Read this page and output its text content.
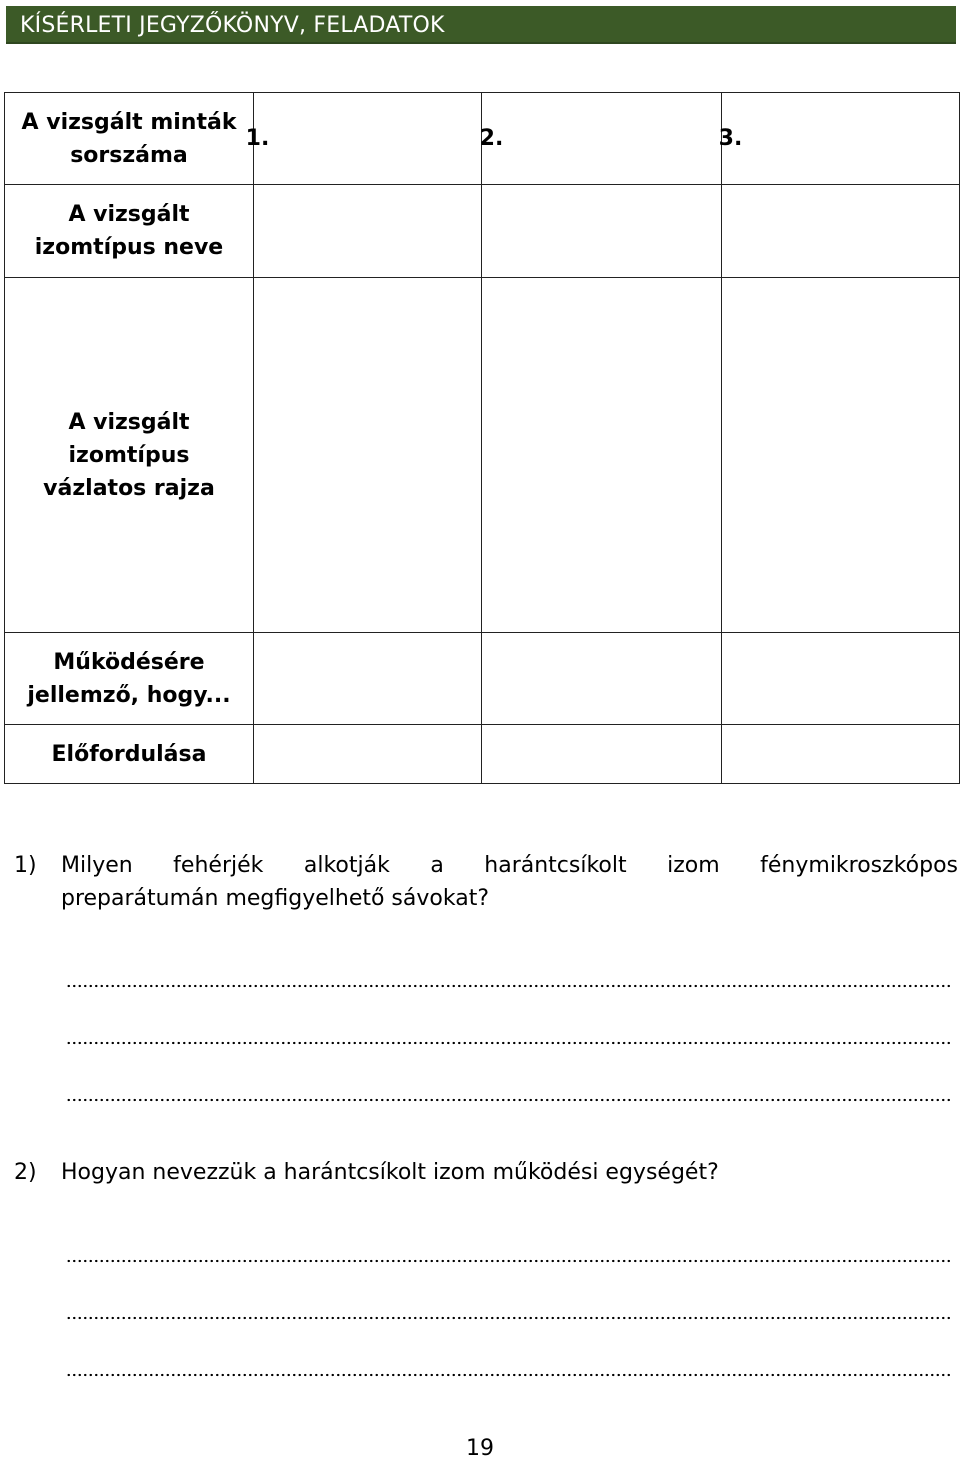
KÍSÉRLETI JEGYZŐKÖNYV, FELADATOK
A vizsgált minták sorszáma	1.	2.	3.
A vizsgált izomtípus neve			
A vizsgált izomtípus vázlatos rajza			
Működésére jellemző, hogy...			
Előfordulása			
1) Milyen fehérjék alkotják a harántcsíkolt izom fénymikroszkópos
preparátumán megfigyelhető sávokat?
2) Hogyan nevezzük a harántcsíkolt izom működési egységét?
19
